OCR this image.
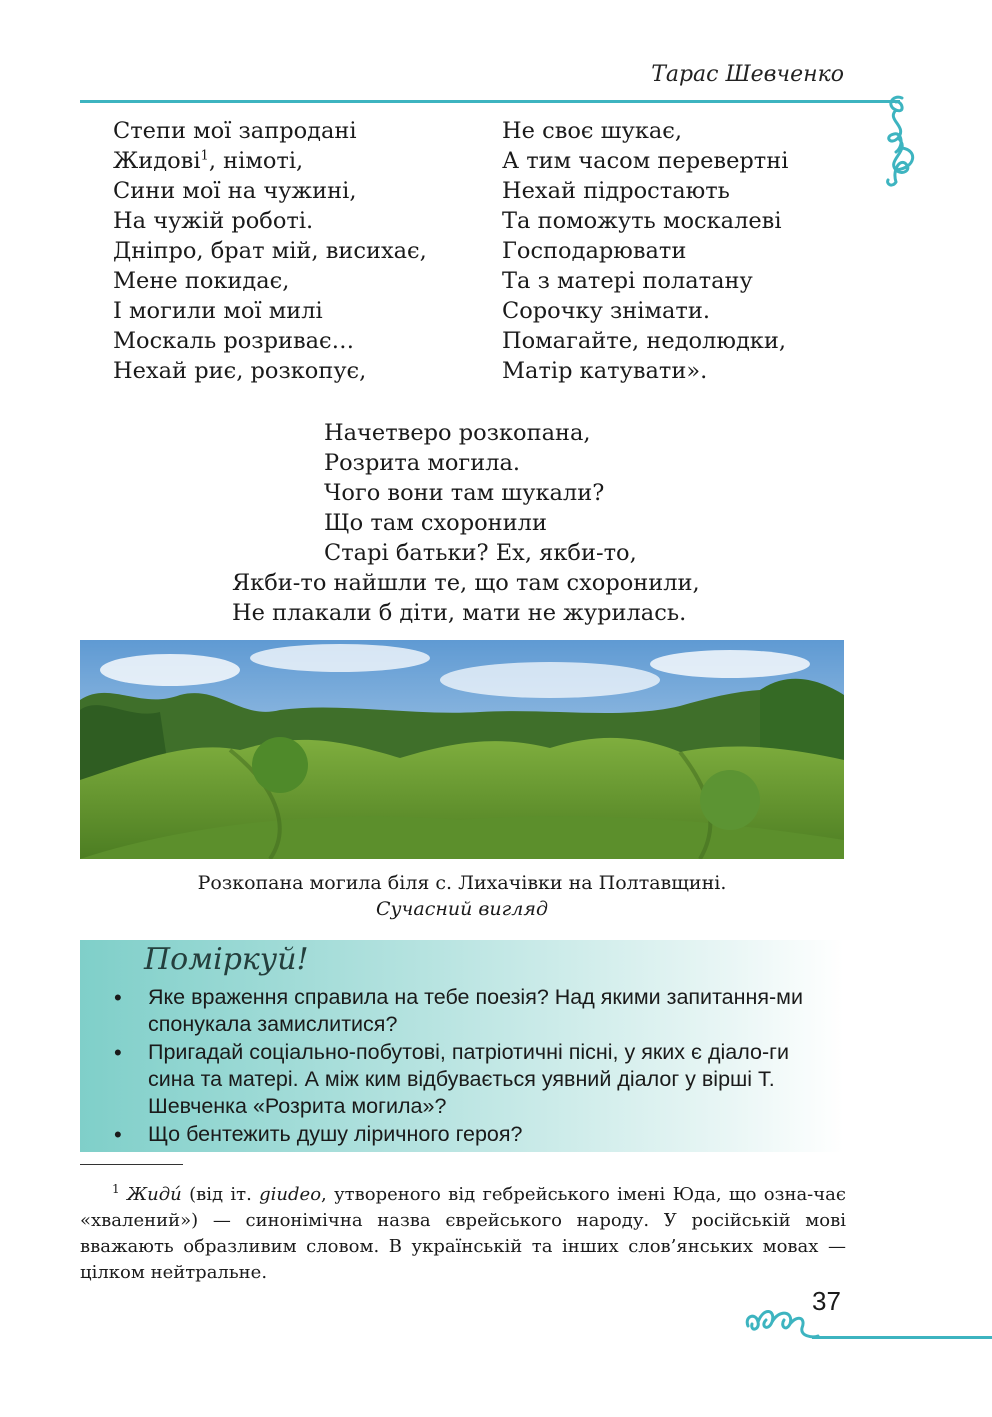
Тарас Шевченко
Степи мої запродані
Жидові$^1$, німоті,
Сини мої на чужині,
На чужій роботі.
Дніпро, брат мій, висихає,
Мене покидає,
І могили мої милі
Москаль розриває…
Нехай риє, розкопує,
Не своє шукає,
А тим часом перевертні
Нехай підростають
Та поможуть москалеві
Господарювати
Та з матері полатану
Сорочку знімати.
Помагайте, недолюдки,
Матір катувати».
Начетверо розкопана,
Розрита могила.
Чого вони там шукали?
Що там схоронили
Старі батьки? Ех, якби-то,
Якби-то найшли те, що там схоронили,
Не плакали б діти, мати не журилась.
Розкопана могила біля с. Лихачівки на Полтавщині.
Сучасний вигляд
Поміркуй!
• Яке враження справила на тебе поезія? Над якими запитання-ми спонукала замислитися?
• Пригадай соціально-побутові, патріотичні пісні, у яких є діало-ги сина та матері. А між ким відбувається уявний діалог у вірші Т. Шевченка «Розрита могила»?
• Що бентежить душу ліричного героя?

$^1$ Жиди́ (від іт. giudeo, утвореного від гебрейського імені Юда, що озна-чає «хвалений») — синонімічна назва єврейського народу. У російській мові вважають образливим словом. В українській та інших слов’янських мовах — цілком нейтральне.

37
